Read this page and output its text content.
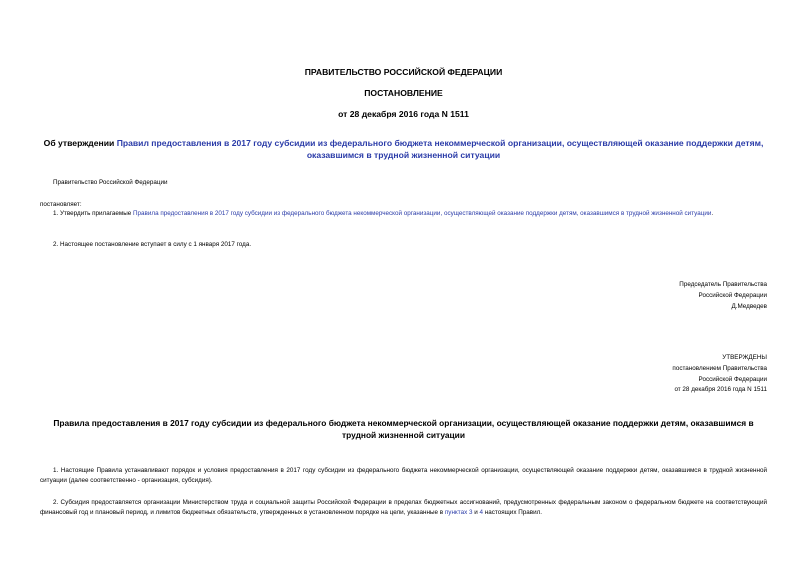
ПРАВИТЕЛЬСТВО РОССИЙСКОЙ ФЕДЕРАЦИИ
ПОСТАНОВЛЕНИЕ
от 28 декабря 2016 года N 1511
Об утверждении Правил предоставления в 2017 году субсидии из федерального бюджета некоммерческой организации, осуществляющей оказание поддержки детям, оказавшимся в трудной жизненной ситуации
Правительство Российской Федерации
постановляет:
1. Утвердить прилагаемые Правила предоставления в 2017 году субсидии из федерального бюджета некоммерческой организации, осуществляющей оказание поддержки детям, оказавшимся в трудной жизненной ситуации.
2. Настоящее постановление вступает в силу с 1 января 2017 года.
Председатель Правительства
Российской Федерации
Д.Медведев
УТВЕРЖДЕНЫ
постановлением Правительства
Российской Федерации
от 28 декабря 2016 года N 1511
Правила предоставления в 2017 году субсидии из федерального бюджета некоммерческой организации, осуществляющей оказание поддержки детям, оказавшимся в трудной жизненной ситуации
1. Настоящие Правила устанавливают порядок и условия предоставления в 2017 году субсидии из федерального бюджета некоммерческой организации, осуществляющей оказание поддержки детям, оказавшимся в трудной жизненной ситуации (далее соответственно - организация, субсидия).
2. Субсидия предоставляется организации Министерством труда и социальной защиты Российской Федерации в пределах бюджетных ассигнований, предусмотренных федеральным законом о федеральном бюджете на соответствующий финансовый год и плановый период, и лимитов бюджетных обязательств, утвержденных в установленном порядке на цели, указанные в пунктах 3 и 4 настоящих Правил.
